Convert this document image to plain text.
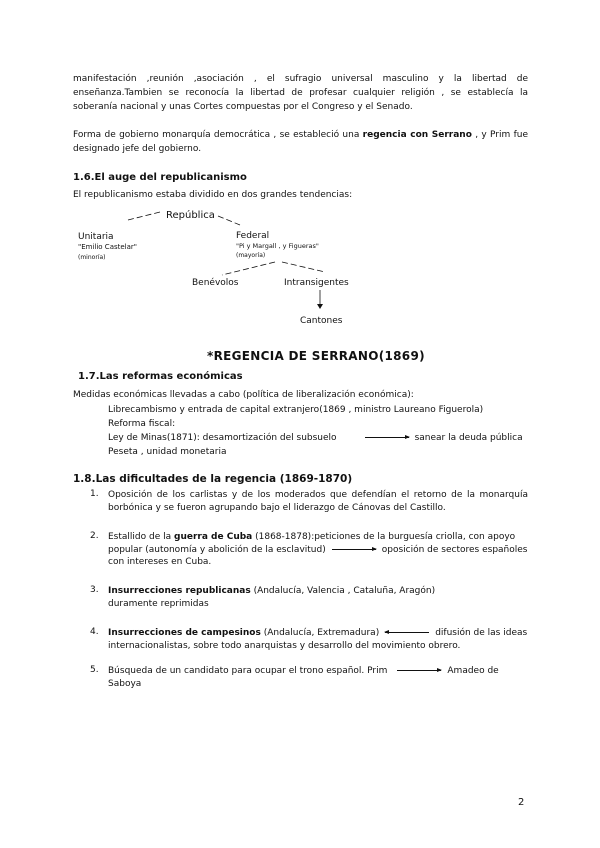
manifestación ,reunión ,asociación , el sufragio universal masculino y la libertad de enseñanza.Tambien se reconocía la libertad de profesar cualquier religión , se establecía la soberanía nacional y unas Cortes compuestas por el Congreso y el Senado.
Forma de gobierno monarquía democrática , se estableció una regencia con Serrano , y Prim fue designado jefe del gobierno.
1.6.El auge del republicanismo
El republicanismo estaba dividido en dos grandes tendencias:
República
Unitaria
"Emilio Castelar"
(minoría)
Federal
"Pi y Margall , y Figueras"
(mayoría)
Benévolos	Intransigentes
Cantones
*REGENCIA DE SERRANO(1869)
1.7.Las reformas económicas
Medidas económicas llevadas a cabo (política de liberalización económica):
Librecambismo y entrada de capital extranjero(1869 , ministro Laureano Figuerola)
Reforma fiscal:
Ley de Minas(1871): desamortización del subsuelo	sanear la deuda pública
Peseta , unidad monetaria
1.8.Las dificultades de la regencia (1869-1870)
1. Oposición de los carlistas y de los moderados que defendían el retorno de la monarquía borbónica y se fueron agrupando bajo el liderazgo de Cánovas del Castillo.
2. Estallido de la guerra de Cuba (1868-1878):peticiones de la burguesía criolla, con apoyo popular (autonomía y abolición de la esclavitud)	oposición de sectores españoles con intereses en Cuba.
3. Insurrecciones republicanas (Andalucía, Valencia , Cataluña, Aragón) duramente reprimidas
4. Insurrecciones de campesinos (Andalucía, Extremadura)	difusión de las ideas internacionalistas, sobre todo anarquistas y desarrollo del movimiento obrero.
5. Búsqueda de un candidato para ocupar el trono español. Prim	Amadeo de Saboya
2
